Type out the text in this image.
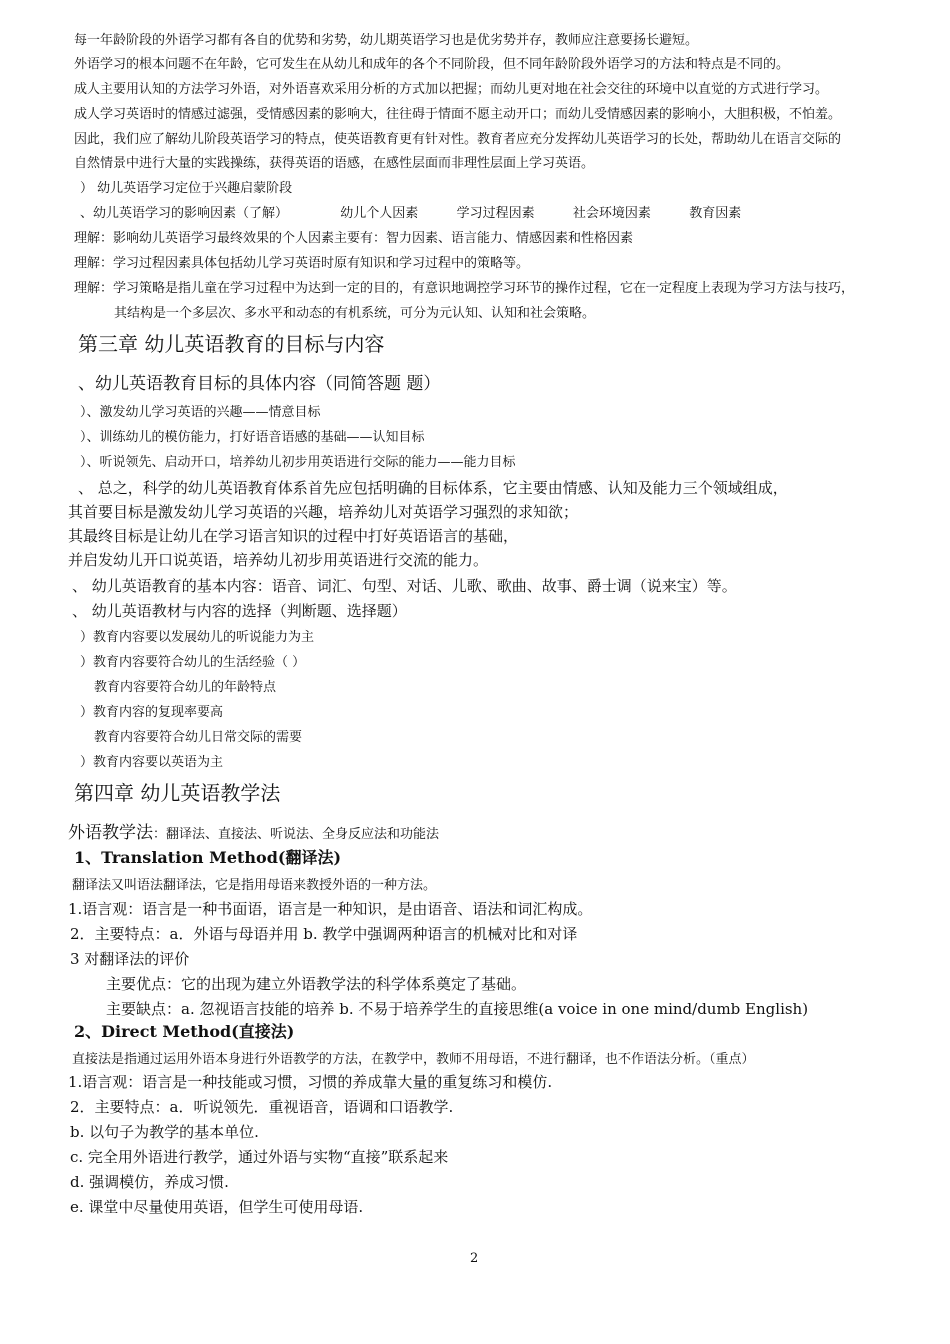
每一年龄阶段的外语学习都有各自的优势和劣势，幼儿期英语学习也是优劣势并存，教师应注意要扬长避短。
外语学习的根本问题不在年龄，它可发生在从幼儿和成年的各个不同阶段，但不同年龄阶段外语学习的方法和特点是不同的。
成人主要用认知的方法学习外语，对外语喜欢采用分析的方式加以把握；而幼儿更对地在社会交往的环境中以直觉的方式进行学习。
成人学习英语时的情感过滤强，受情感因素的影响大，往往碍于情面不愿主动开口；而幼儿受情感因素的影响小，大胆积极，不怕羞。
因此，我们应了解幼儿阶段英语学习的特点，使英语教育更有针对性。教育者应充分发挥幼儿英语学习的长处，帮助幼儿在语言交际的
自然情景中进行大量的实践操练，获得英语的语感，在感性层面而非理性层面上学习英语。
） 幼儿英语学习定位于兴趣启蒙阶段
、幼儿英语学习的影响因素（了解）	幼儿个人因素	学习过程因素	社会环境因素	教育因素
理解：影响幼儿英语学习最终效果的个人因素主要有：智力因素、语言能力、情感因素和性格因素
理解：学习过程因素具体包括幼儿学习英语时原有知识和学习过程中的策略等。
理解：学习策略是指儿童在学习过程中为达到一定的目的，有意识地调控学习环节的操作过程，它在一定程度上表现为学习方法与技巧，
其结构是一个多层次、多水平和动态的有机系统，可分为元认知、认知和社会策略。
第三章 幼儿英语教育的目标与内容
、幼儿英语教育目标的具体内容（同简答题 题）
）、激发幼儿学习英语的兴趣——情意目标
）、训练幼儿的模仿能力，打好语音语感的基础——认知目标
）、听说领先、启动开口，培养幼儿初步用英语进行交际的能力——能力目标
、 总之，科学的幼儿英语教育体系首先应包括明确的目标体系，它主要由情感、认知及能力三个领域组成，
其首要目标是激发幼儿学习英语的兴趣，培养幼儿对英语学习强烈的求知欲；
其最终目标是让幼儿在学习语言知识的过程中打好英语语言的基础，
并启发幼儿开口说英语，培养幼儿初步用英语进行交流的能力。
、 幼儿英语教育的基本内容：语音、词汇、句型、对话、儿歌、歌曲、故事、爵士调（说来宝）等。
、 幼儿英语教材与内容的选择（判断题、选择题）
）教育内容要以发展幼儿的听说能力为主
）教育内容要符合幼儿的生活经验（ ）
教育内容要符合幼儿的年龄特点
）教育内容的复现率要高
教育内容要符合幼儿日常交际的需要
）教育内容要以英语为主
第四章 幼儿英语教学法
外语教学法：翻译法、直接法、听说法、全身反应法和功能法
1、Translation Method(翻译法)
翻译法又叫语法翻译法，它是指用母语来教授外语的一种方法。
1.语言观：语言是一种书面语，语言是一种知识，是由语音、语法和词汇构成。
2．主要特点：a．外语与母语并用 b. 教学中强调两种语言的机械对比和对译
3 对翻译法的评价
主要优点：它的出现为建立外语教学法的科学体系奠定了基础。
主要缺点：a. 忽视语言技能的培养 b. 不易于培养学生的直接思维(a voice in one mind/dumb English)
2、Direct Method(直接法)
直接法是指通过运用外语本身进行外语教学的方法，在教学中，教师不用母语，不进行翻译，也不作语法分析。（重点）
1.语言观：语言是一种技能或习惯，习惯的养成靠大量的重复练习和模仿.
2．主要特点：a．听说领先．重视语音，语调和口语教学.
b. 以句子为教学的基本单位.
c. 完全用外语进行教学，通过外语与实物“直接”联系起来
d. 强调模仿，养成习惯.
e. 课堂中尽量使用英语，但学生可使用母语.
2
